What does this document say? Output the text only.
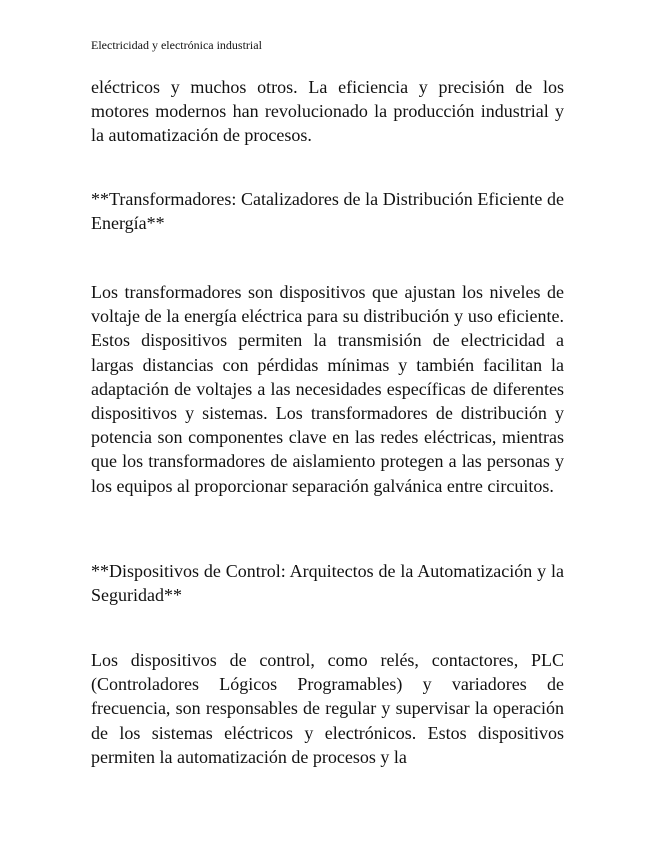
Electricidad y electrónica industrial

eléctricos y muchos otros. La eficiencia y precisión de los motores modernos han revolucionado la producción industrial y la automatización de procesos.

**Transformadores: Catalizadores de la Distribución Eficiente de Energía**

Los transformadores son dispositivos que ajustan los niveles de voltaje de la energía eléctrica para su distribución y uso eficiente. Estos dispositivos permiten la transmisión de electricidad a largas distancias con pérdidas mínimas y también facilitan la adaptación de voltajes a las necesidades específicas de diferentes dispositivos y sistemas. Los transformadores de distribución y potencia son componentes clave en las redes eléctricas, mientras que los transformadores de aislamiento protegen a las personas y los equipos al proporcionar separación galvánica entre circuitos.

**Dispositivos de Control: Arquitectos de la Automatización y la Seguridad**

Los dispositivos de control, como relés, contactores, PLC (Controladores Lógicos Programables) y variadores de frecuencia, son responsables de regular y supervisar la operación de los sistemas eléctricos y electrónicos. Estos dispositivos permiten la automatización de procesos y la
